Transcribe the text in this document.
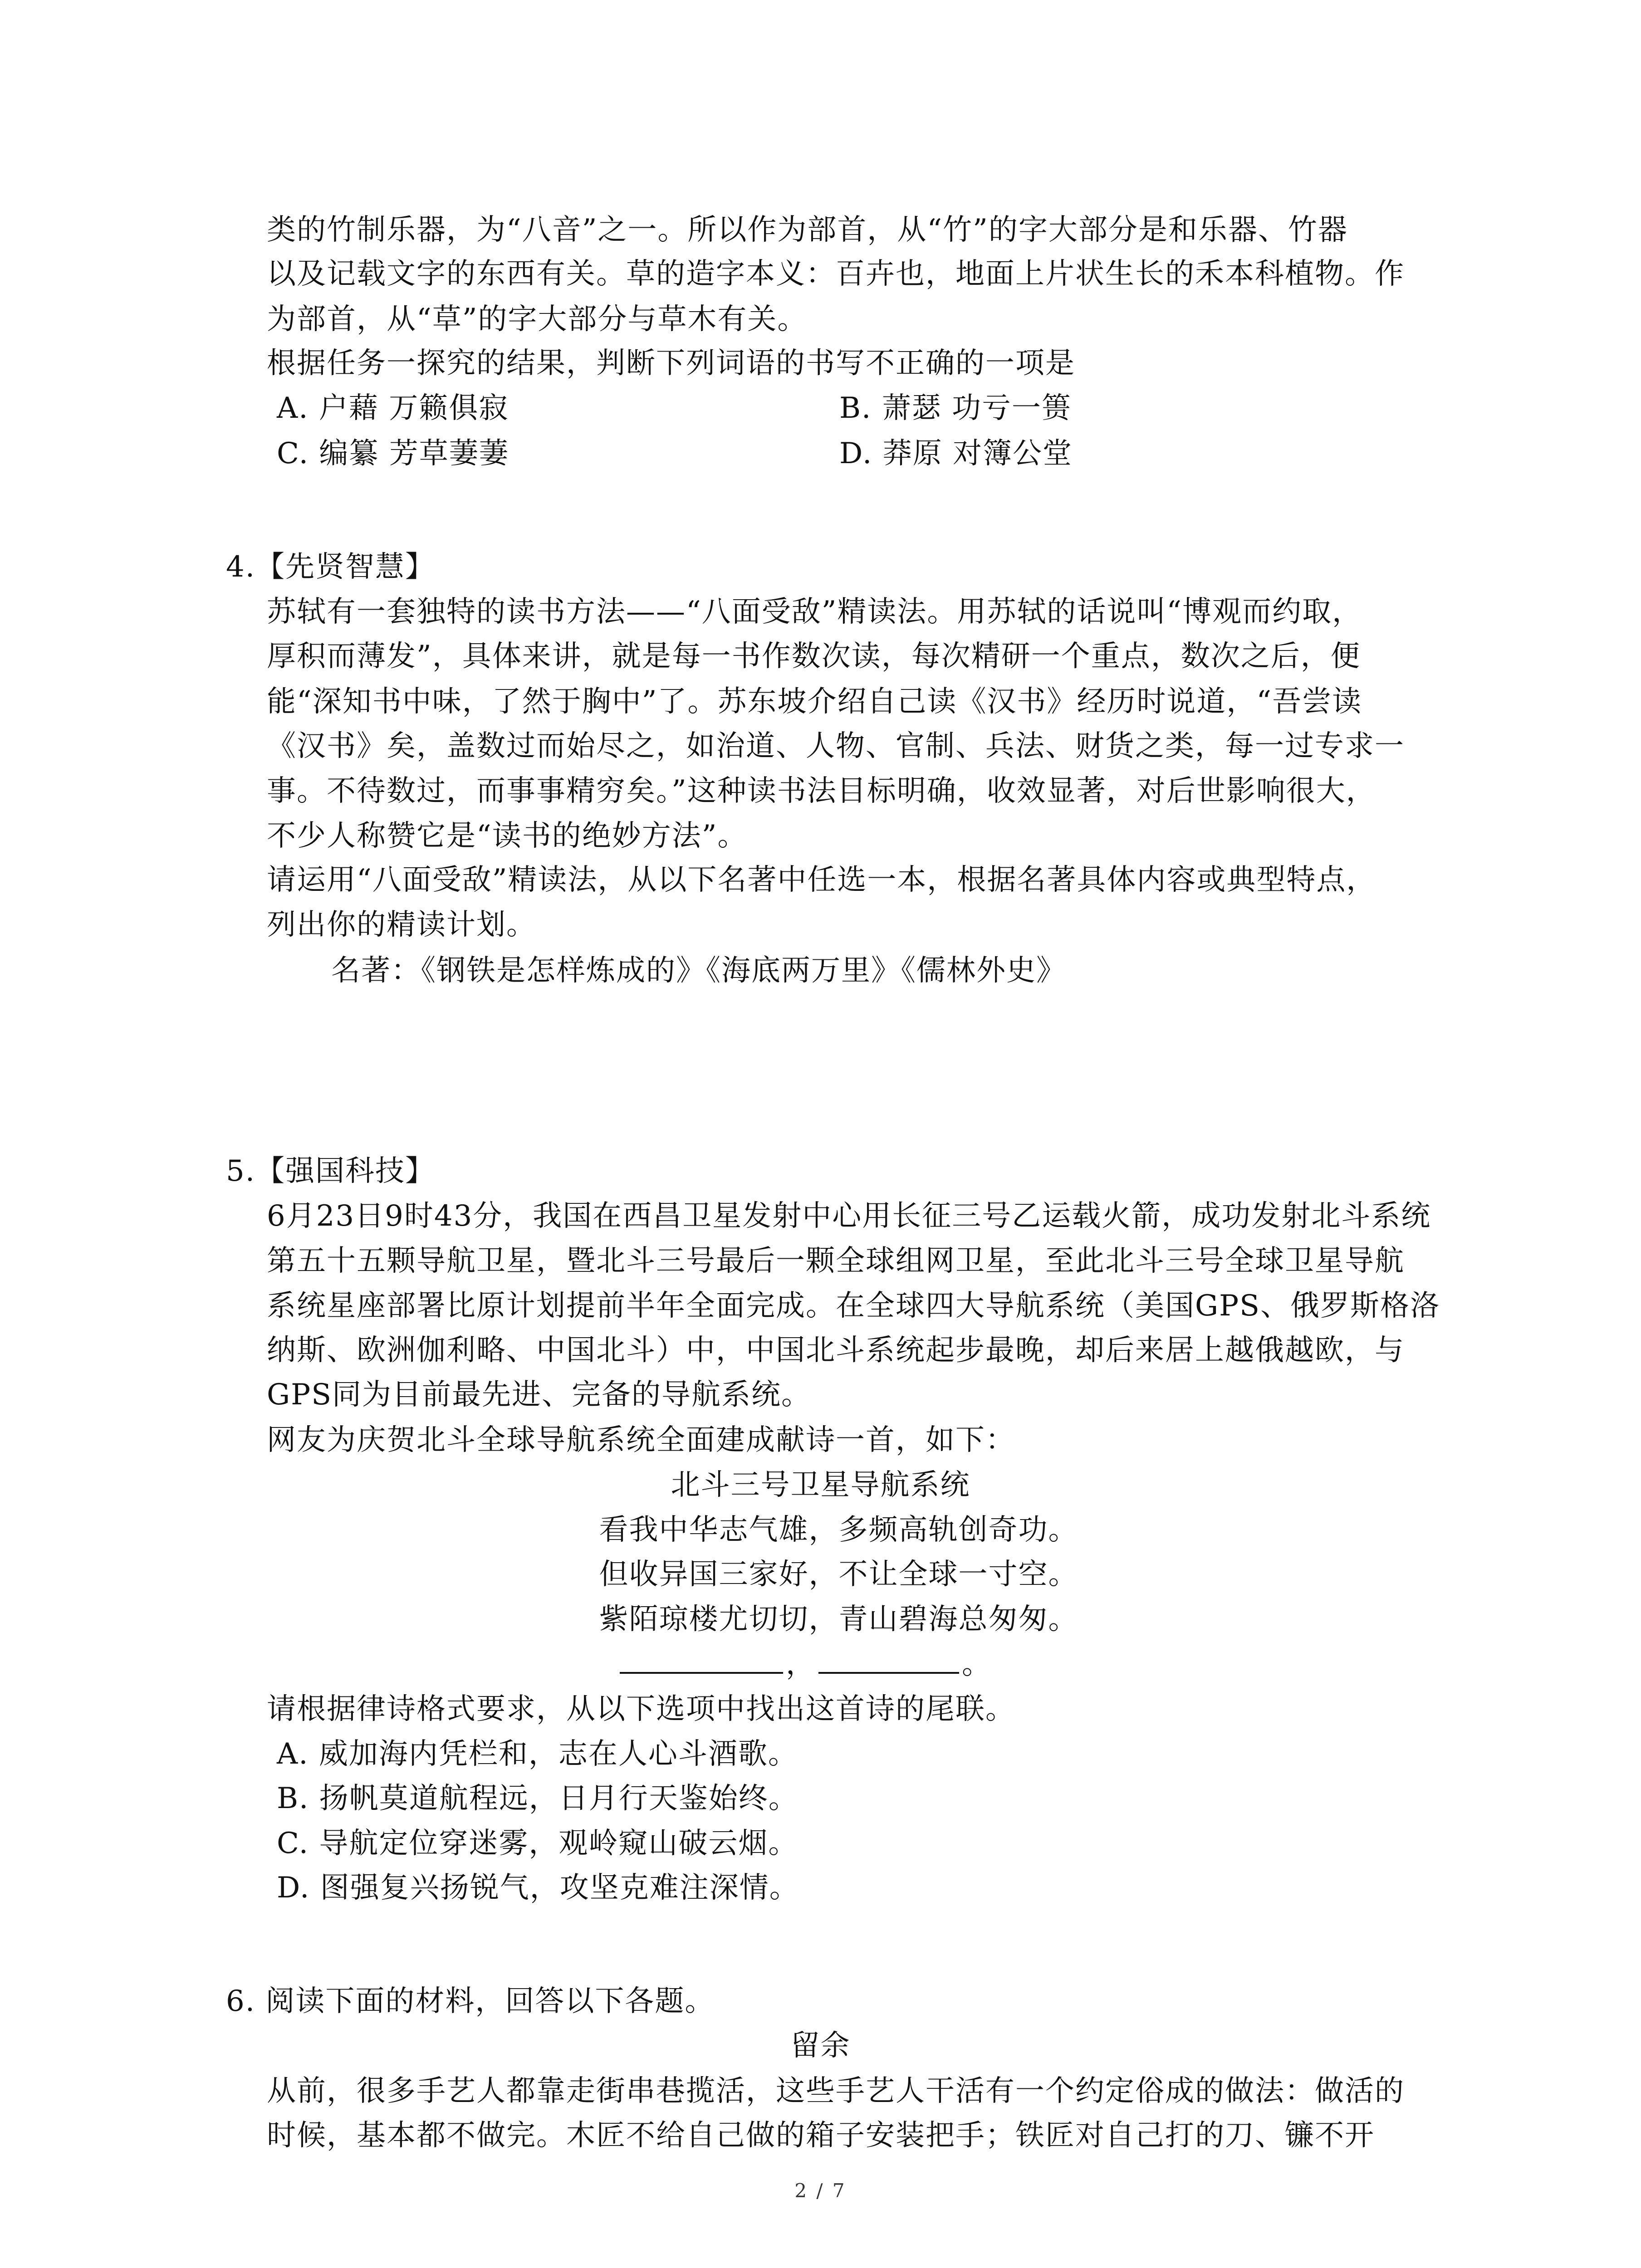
类的竹制乐器，为“八音”之一。所以作为部首，从“竹”的字大部分是和乐器、竹器
以及记载文字的东西有关。草的造字本义：百卉也，地面上片状生长的禾本科植物。作
为部首，从“草”的字大部分与草木有关。
根据任务一探究的结果，判断下列词语的书写不正确的一项是
A. 户藉 万籁俱寂	B. 萧瑟 功亏一篑
C. 编纂 芳草萋萋	D. 莽原 对簿公堂
4.【先贤智慧】
苏轼有一套独特的读书方法——“八面受敌”精读法。用苏轼的话说叫“博观而约取，
厚积而薄发”，具体来讲，就是每一书作数次读，每次精研一个重点，数次之后，便
能“深知书中味，了然于胸中”了。苏东坡介绍自己读《汉书》经历时说道，“吾尝读
《汉书》矣，盖数过而始尽之，如治道、人物、官制、兵法、财货之类，每一过专求一
事。不待数过，而事事精穷矣。”这种读书法目标明确，收效显著，对后世影响很大，
不少人称赞它是“读书的绝妙方法”。
请运用“八面受敌”精读法，从以下名著中任选一本，根据名著具体内容或典型特点，
列出你的精读计划。
名著：《钢铁是怎样炼成的》《海底两万里》《儒林外史》
5.【强国科技】
6月23日9时43分，我国在西昌卫星发射中心用长征三号乙运载火箭，成功发射北斗系统
第五十五颗导航卫星，暨北斗三号最后一颗全球组网卫星，至此北斗三号全球卫星导航
系统星座部署比原计划提前半年全面完成。在全球四大导航系统（美国GPS、俄罗斯格洛
纳斯、欧洲伽利略、中国北斗）中，中国北斗系统起步最晚，却后来居上越俄越欧，与
GPS同为目前最先进、完备的导航系统。
网友为庆贺北斗全球导航系统全面建成献诗一首，如下：
北斗三号卫星导航系统
看我中华志气雄，多频高轨创奇功。
但收异国三家好，不让全球一寸空。
紫陌琼楼尤切切，青山碧海总匆匆。
，	。
请根据律诗格式要求，从以下选项中找出这首诗的尾联。
A. 威加海内凭栏和，志在人心斗酒歌。
B. 扬帆莫道航程远，日月行天鉴始终。
C. 导航定位穿迷雾，观岭窥山破云烟。
D. 图强复兴扬锐气，攻坚克难注深情。
6. 阅读下面的材料，回答以下各题。
留余
从前，很多手艺人都靠走街串巷揽活，这些手艺人干活有一个约定俗成的做法：做活的
时候，基本都不做完。木匠不给自己做的箱子安装把手；铁匠对自己打的刀、镰不开
2 / 7
